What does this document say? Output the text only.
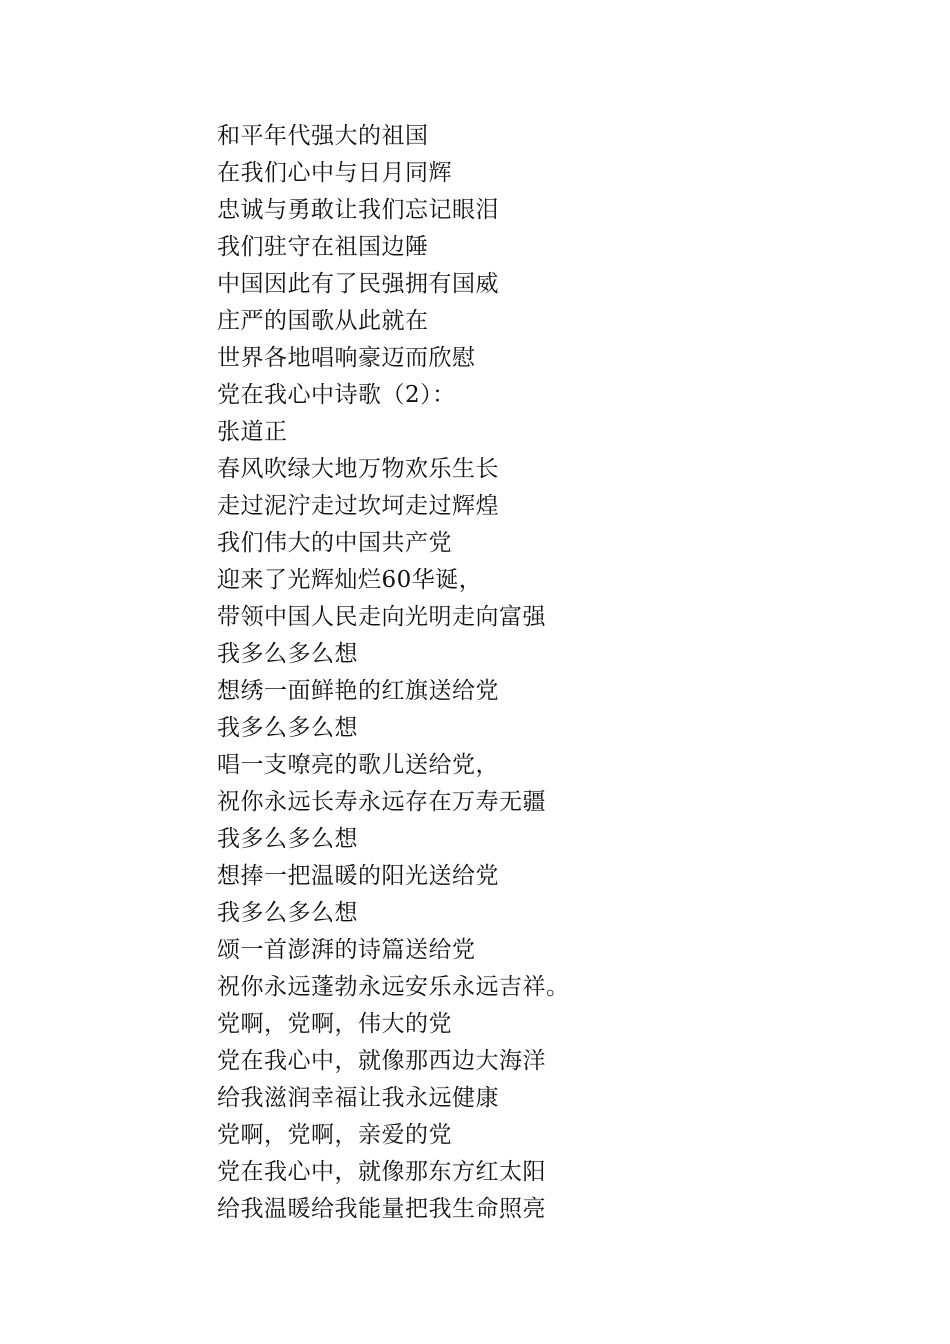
和平年代强大的祖国
在我们心中与日月同辉
忠诚与勇敢让我们忘记眼泪
我们驻守在祖国边陲
中国因此有了民强拥有国威
庄严的国歌从此就在
世界各地唱响豪迈而欣慰
党在我心中诗歌（2）：
张道正
春风吹绿大地万物欢乐生长
走过泥泞走过坎坷走过辉煌
我们伟大的中国共产党
迎来了光辉灿烂60华诞，
带领中国人民走向光明走向富强
我多么多么想
想绣一面鲜艳的红旗送给党
我多么多么想
唱一支嘹亮的歌儿送给党，
祝你永远长寿永远存在万寿无疆
我多么多么想
想捧一把温暖的阳光送给党
我多么多么想
颂一首澎湃的诗篇送给党
祝你永远蓬勃永远安乐永远吉祥。
党啊，党啊，伟大的党
党在我心中，就像那西边大海洋
给我滋润幸福让我永远健康
党啊，党啊，亲爱的党
党在我心中，就像那东方红太阳
给我温暖给我能量把我生命照亮
